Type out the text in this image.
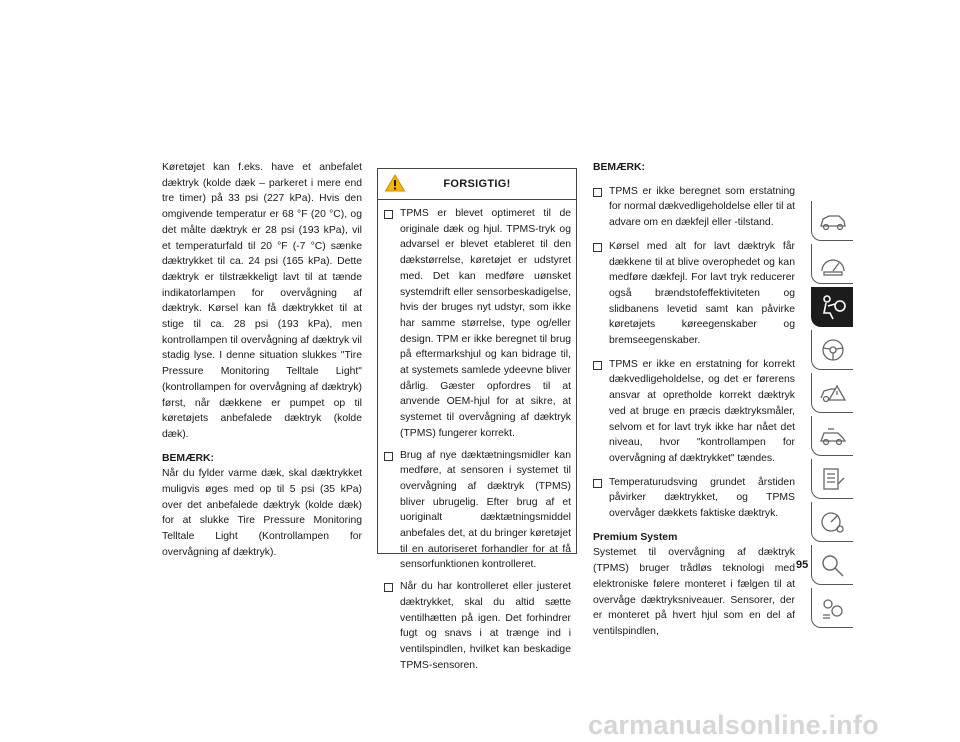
Køretøjet kan f.eks. have et anbefalet dæktryk (kolde dæk – parkeret i mere end tre timer) på 33 psi (227 kPa). Hvis den omgivende temperatur er 68 °F (20 °C), og det målte dæktryk er 28 psi (193 kPa), vil et temperaturfald til 20 °F (-7 °C) sænke dæktrykket til ca. 24 psi (165 kPa). Dette dæktryk er tilstrækkeligt lavt til at tænde indikatorlampen for overvågning af dæktryk. Kørsel kan få dæktrykket til at stige til ca. 28 psi (193 kPa), men kontrollampen til overvågning af dæktryk vil stadig lyse. I denne situation slukkes "Tire Pressure Monitoring Telltale Light" (kontrollampen for overvågning af dæktryk) først, når dækkene er pumpet op til køretøjets anbefalede dæktryk (kolde dæk).

BEMÆRK:

Når du fylder varme dæk, skal dæktrykket muligvis øges med op til 5 psi (35 kPa) over det anbefalede dæktryk (kolde dæk) for at slukke Tire Pressure Monitoring Telltale Light (Kontrollampen for overvågning af dæktryk).

FORSIGTIG!
TPMS er blevet optimeret til de originale dæk og hjul. TPMS-tryk og advarsel er blevet etableret til den dækstørrelse, køretøjet er udstyret med. Det kan medføre uønsket systemdrift eller sensorbeskadigelse, hvis der bruges nyt udstyr, som ikke har samme størrelse, type og/eller design. TPM er ikke beregnet til brug på eftermarkshjul og kan bidrage til, at systemets samlede ydeevne bliver dårlig. Gæster opfordres til at anvende OEM-hjul for at sikre, at systemet til overvågning af dæktryk (TPMS) fungerer korrekt.
Brug af nye dæktætningsmidler kan medføre, at sensoren i systemet til overvågning af dæktryk (TPMS) bliver ubrugelig. Efter brug af et uoriginalt dæktætningsmiddel anbefales det, at du bringer køretøjet til en autoriseret forhandler for at få sensorfunktionen kontrolleret.
Når du har kontrolleret eller justeret dæktrykket, skal du altid sætte ventilhætten på igen. Det forhindrer fugt og snavs i at trænge ind i ventilspindlen, hvilket kan beskadige TPMS-sensoren.

BEMÆRK:

TPMS er ikke beregnet som erstatning for normal dækvedligeholdelse eller til at advare om en dækfejl eller -tilstand.
Kørsel med alt for lavt dæktryk får dækkene til at blive overophedet og kan medføre dækfejl. For lavt tryk reducerer også brændstofeffektiviteten og slidbanens levetid samt kan påvirke køretøjets køreegenskaber og bremseegenskaber.
TPMS er ikke en erstatning for korrekt dækvedligeholdelse, og det er førerens ansvar at opretholde korrekt dæktryk ved at bruge en præcis dæktryksmåler, selvom et for lavt tryk ikke har nået det niveau, hvor "kontrollampen for overvågning af dæktrykket" tændes.
Temperaturudsving grundet årstiden påvirker dæktrykket, og TPMS overvåger dækkets faktiske dæktryk.

Premium System

Systemet til overvågning af dæktryk (TPMS) bruger trådløs teknologi med elektroniske følere monteret i fælgen til at overvåge dæktryksniveauer. Sensorer, der er monteret på hvert hjul som en del af ventilspindlen,

95
carmanualsonline.info
